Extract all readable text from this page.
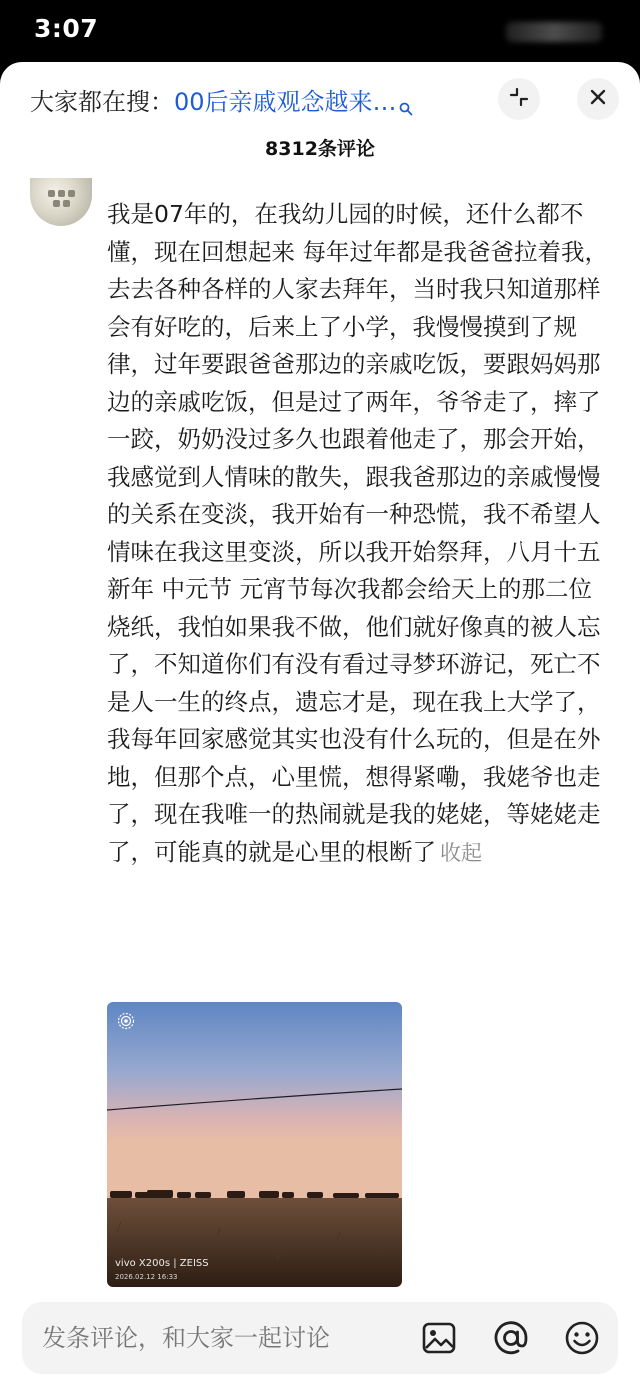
3:07
大家都在搜：00后亲戚观念越来…
8312条评论
我是07年的，在我幼儿园的时候，还什么都不懂，现在回想起来 每年过年都是我爸爸拉着我，去去各种各样的人家去拜年，当时我只知道那样会有好吃的，后来上了小学，我慢慢摸到了规律，过年要跟爸爸那边的亲戚吃饭，要跟妈妈那边的亲戚吃饭，但是过了两年，爷爷走了，摔了一跤，奶奶没过多久也跟着他走了，那会开始，我感觉到人情味的散失，跟我爸那边的亲戚慢慢的关系在变淡，我开始有一种恐慌，我不希望人情味在我这里变淡，所以我开始祭拜，八月十五 新年 中元节 元宵节每次我都会给天上的那二位烧纸，我怕如果我不做，他们就好像真的被人忘了，不知道你们有没有看过寻梦环游记，死亡不是人一生的终点，遗忘才是，现在我上大学了，我每年回家感觉其实也没有什么玩的，但是在外地，但那个点，心里慌，想得紧嘞，我姥爷也走了，现在我唯一的热闹就是我的姥姥，等姥姥走了，可能真的就是心里的根断了 收起
vivo X200s | ZEISS
2026.02.12 16:33
发条评论，和大家一起讨论
